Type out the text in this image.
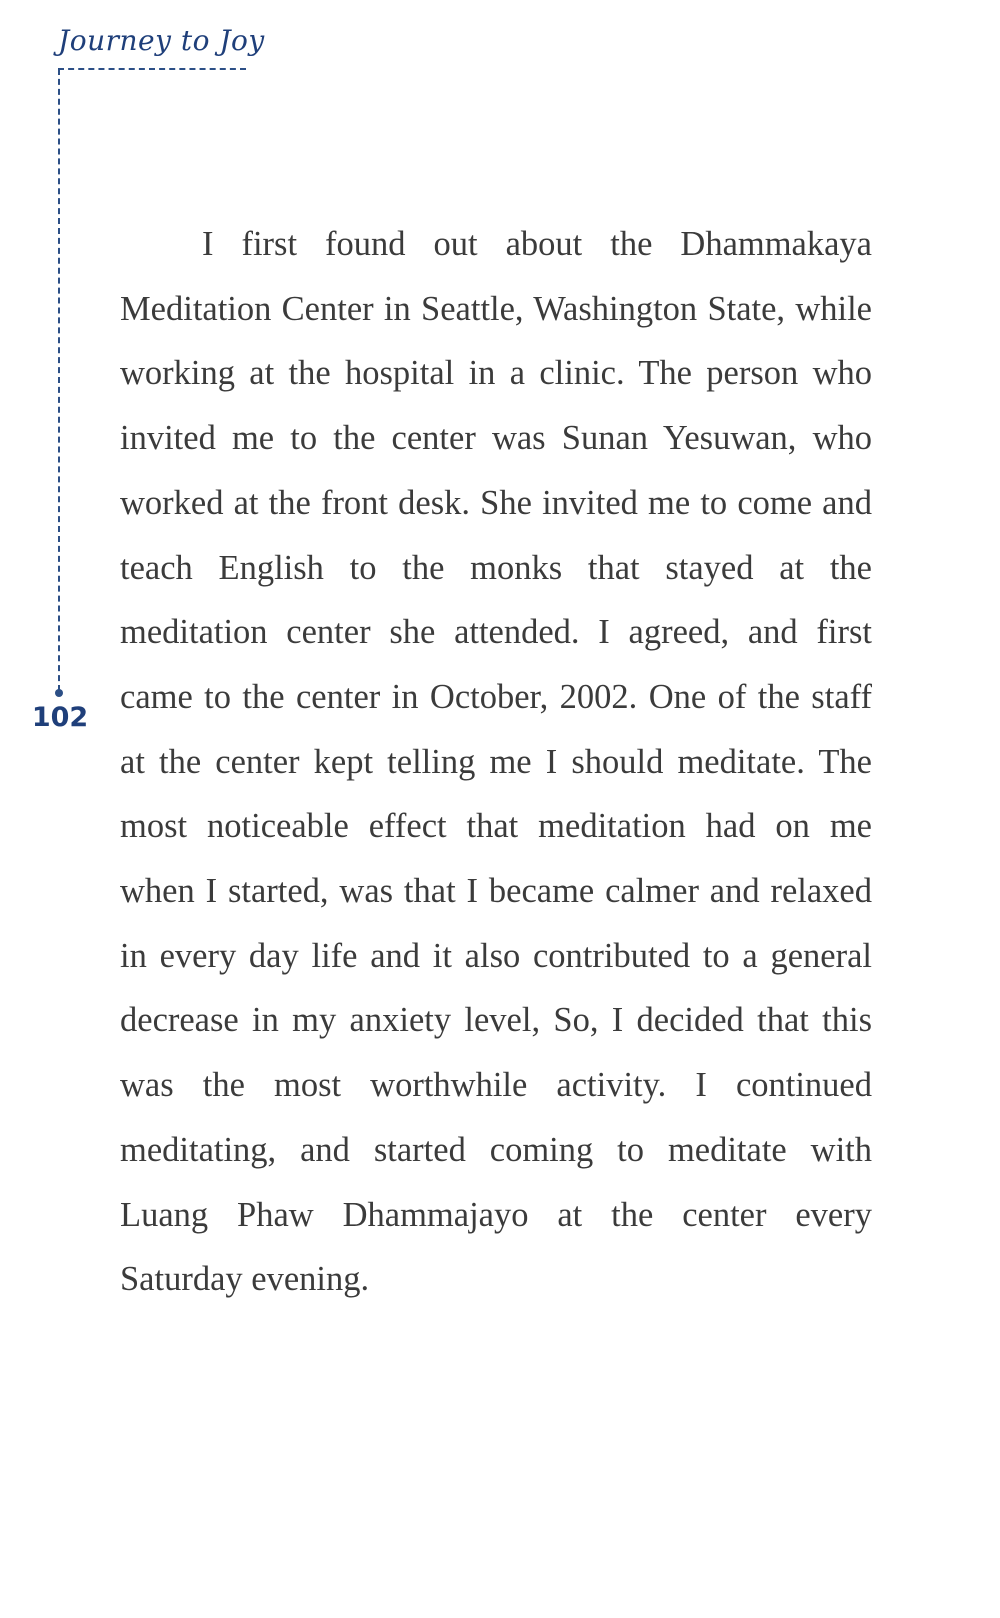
Journey to Joy
102

I first found out about the Dhammakaya Meditation Center in Seattle, Washington State, while working at the hospital in a clinic. The person who invited me to the center was Sunan Yesuwan, who worked at the front desk. She invited me to come and teach English to the monks that stayed at the meditation center she attended. I agreed, and first came to the center in October, 2002. One of the staff at the center kept telling me I should meditate. The most noticeable effect that meditation had on me when I started, was that I became calmer and relaxed in every day life and it also contributed to a general decrease in my anxiety level, So, I decided that this was the most worthwhile activity. I continued meditating, and started coming to meditate with Luang Phaw Dhammajayo at the center every Saturday evening.
